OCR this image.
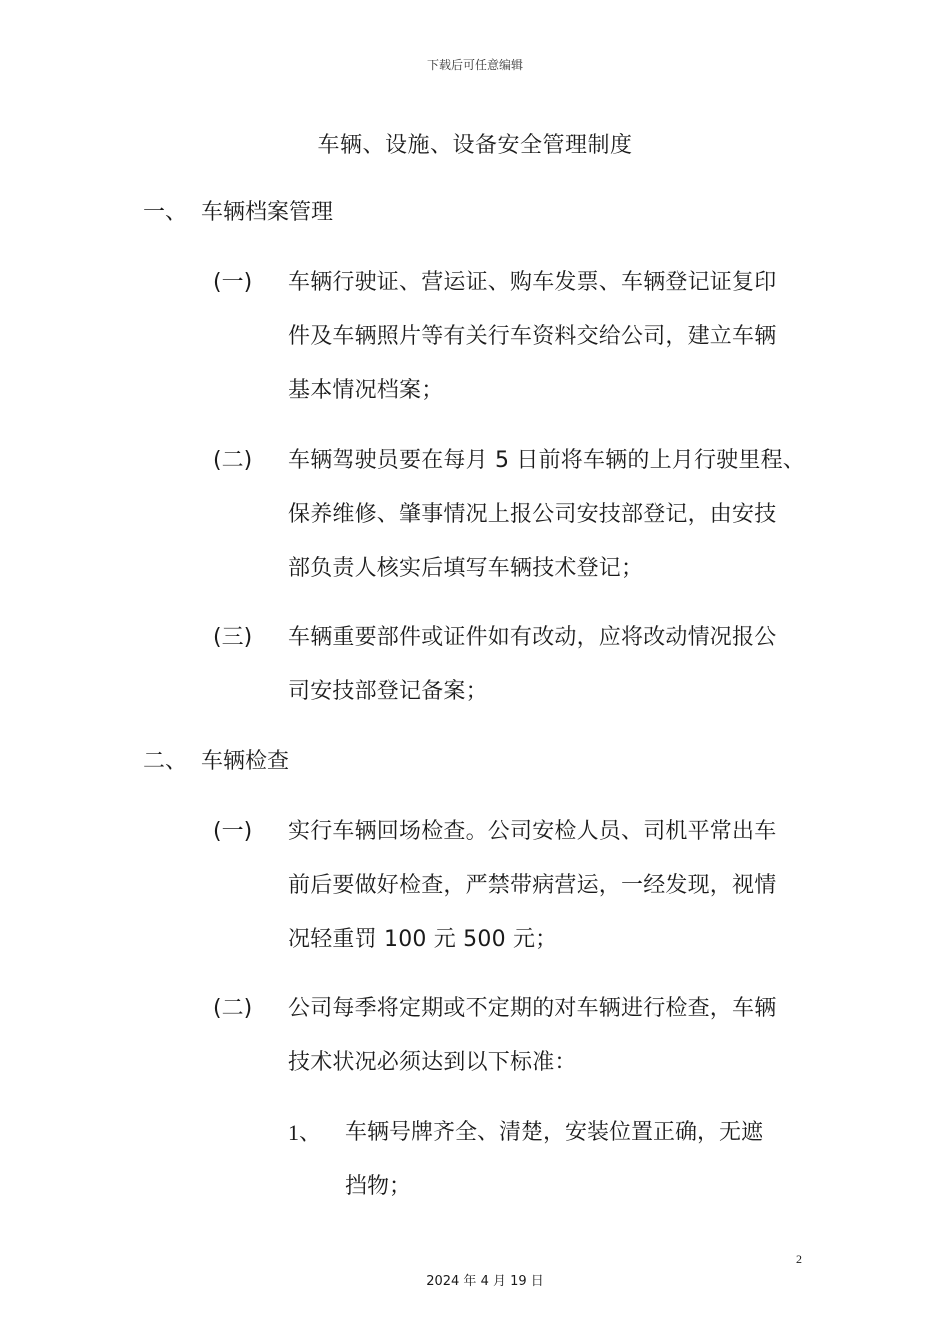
下载后可任意编辑
车辆、设施、设备安全管理制度
一、 车辆档案管理
(一) 车辆行驶证、营运证、购车发票、车辆登记证复印
件及车辆照片等有关行车资料交给公司，建立车辆
基本情况档案；
(二) 车辆驾驶员要在每月 5 日前将车辆的上月行驶里程、
保养维修、肇事情况上报公司安技部登记，由安技
部负责人核实后填写车辆技术登记；
(三) 车辆重要部件或证件如有改动，应将改动情况报公
司安技部登记备案；
二、 车辆检查
(一) 实行车辆回场检查。公司安检人员、司机平常出车
前后要做好检查，严禁带病营运，一经发现，视情
况轻重罚 100 元 500 元；
(二) 公司每季将定期或不定期的对车辆进行检查，车辆
技术状况必须达到以下标准：
1、 车辆号牌齐全、清楚，安装位置正确，无遮
挡物；
2
2024 年 4 月 19 日
